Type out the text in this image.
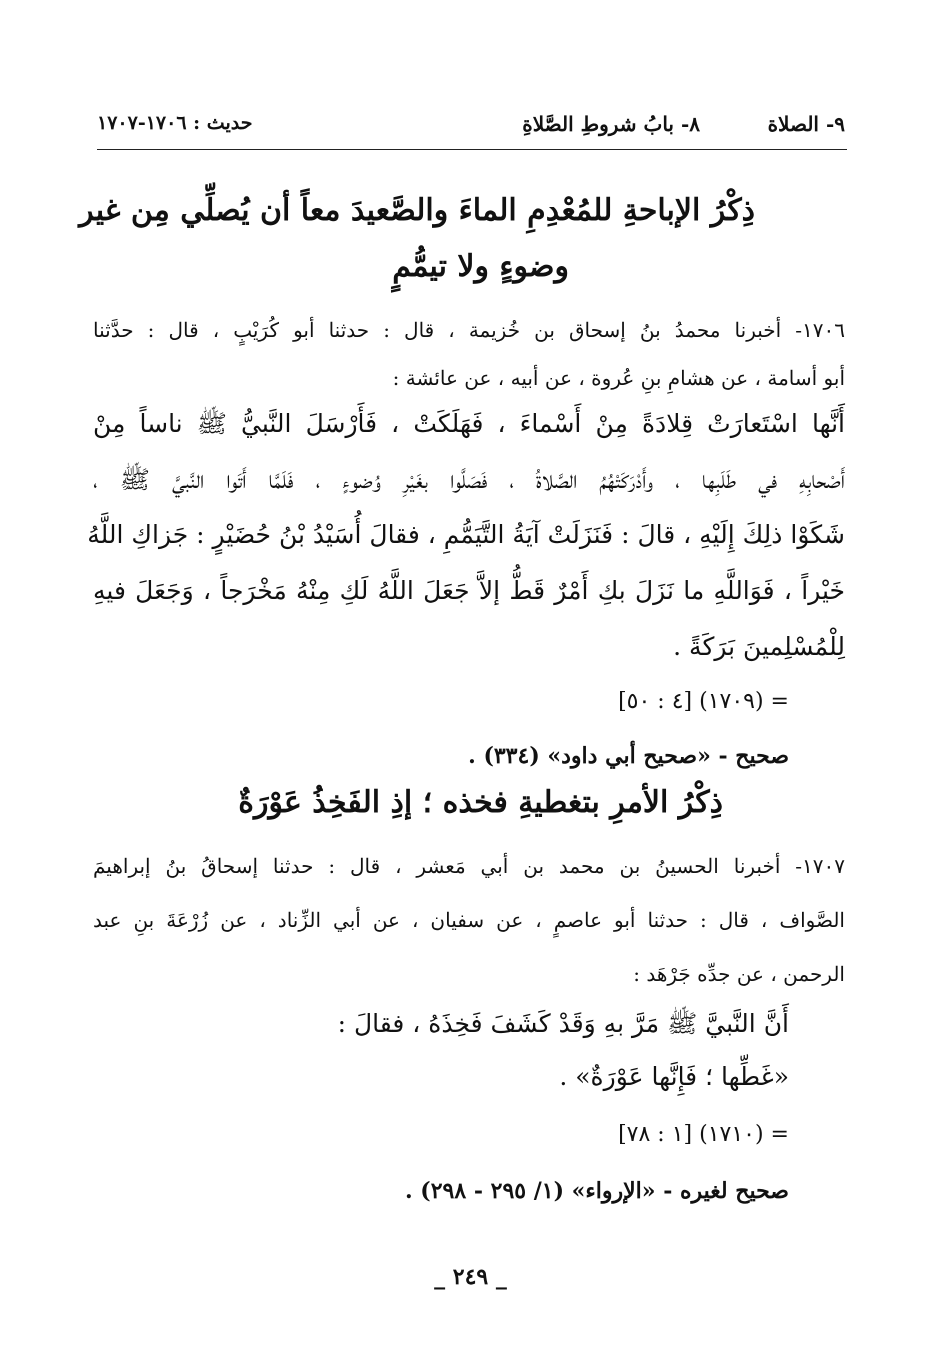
٩- الصلاة
٨- بابُ شروطِ الصَّلاةِ
حديث : ١٧٠٦-١٧٠٧
ذِكْرُ الإباحةِ للمُعْدِمِ الماءَ والصَّعيدَ معاً أن يُصلِّي مِن غير
وضوءٍ ولا تيمُّمٍ
١٧٠٦- أخبرنا محمدُ بنُ إسحاق بن خُزيمة ، قال : حدثنا أبو كُرَيْبٍ ، قال : حدَّثنا
أبو أسامة ، عن هشامِ بنِ عُروة ، عن أبيه ، عن عائشة :
أَنَّها اسْتَعارَتْ قِلادَةً مِنْ أَسْماءَ ، فَهَلَكَتْ ، فَأَرْسَلَ النَّبيُّ ﷺ ناساً مِنْ
أَصْحابِهِ في طَلَبِها ، وأَدْرَكَتْهُمُ الصَّلاةُ ، فَصَلَّوا بغَيْرِ وُضوءٍ ، فَلَمَّا أَتَوا النَّبيَّ ﷺ ،
شَكَوْا ذلِكَ إِلَيْهِ ، قالَ : فَنَزَلَتْ آيَةُ التَّيَمُّمِ ، فقالَ أُسَيْدُ بْنُ حُضَيْرٍ : جَزاكِ اللَّهُ
خَيْراً ، فَوَاللَّهِ ما نَزَلَ بكِ أَمْرٌ قَطُّ إلاَّ جَعَلَ اللَّهُ لَكِ مِنْهُ مَخْرَجاً ، وَجَعَلَ فيهِ
لِلْمُسْلِمينَ بَرَكَةً .
= (١٧٠٩) [٤ : ٥٠]
صحيح - «صحيح أبي داود» (٣٣٤) .
ذِكْرُ الأمرِ بتغطيةِ فخذه ؛ إذِ الفَخِذُ عَوْرَةٌ
١٧٠٧- أخبرنا الحسينُ بن محمد بن أبي مَعشر ، قال : حدثنا إسحاقُ بنُ إبراهيمَ
الصَّواف ، قال : حدثنا أبو عاصمٍ ، عن سفيان ، عن أبي الزِّناد ، عن زُرْعَةَ بنِ عبد
الرحمن ، عن جدِّه جَرْهَد :
أَنَّ النَّبيَّ ﷺ مَرَّ بهِ وَقَدْ كَشَفَ فَخِذَهُ ، فقالَ :
«غَطِّها ؛ فَإِنَّها عَوْرَةٌ» .
= (١٧١٠) [١ : ٧٨]
صحيح لغيره - «الإرواء» (١/ ٢٩٥ - ٢٩٨) .
_ ٢٤٩ _
